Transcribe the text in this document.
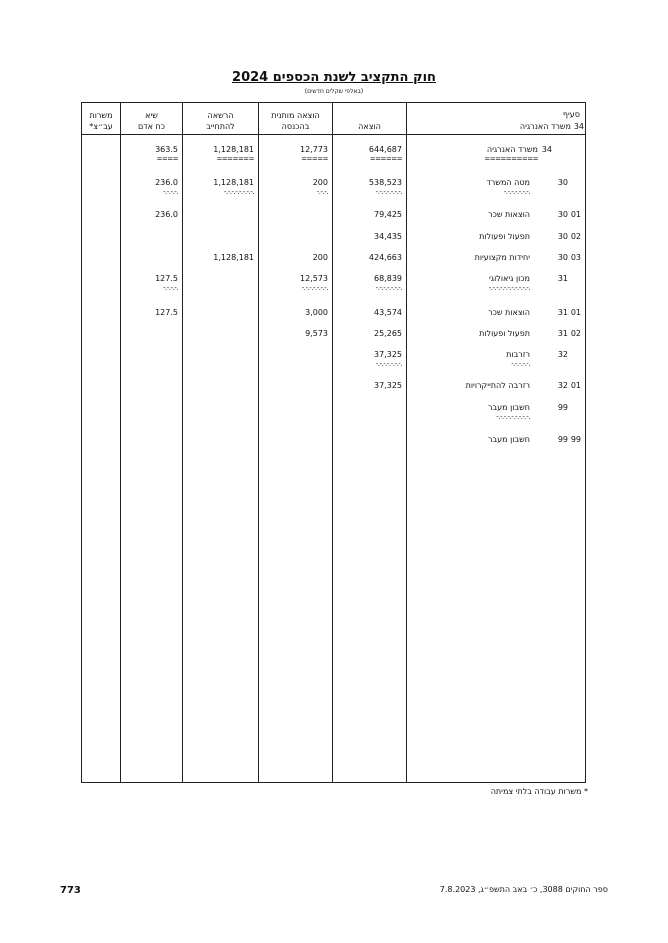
חוק התקציב לשנת הכספים 2024
(באלפי שקלים חדשים)
משרות
עב״צ*
שיא
כח אדם
הרשאה
להתחייב
הוצאה מותנית
בהכנסה	הוצאה
סעיף
34
משרד האנרגיה
34
משרד האנרגיה
644,687
12,773
1,128,181
363.5
==========
======
=====
=======
====
30
מטה המשרד
538,523
200
1,128,181
236.0
-.-.-.-.-.-.-.
-.-.-.-.-.-.-.
-.-.-.
-.-.-.-.-.-.-.-.
-.-.-.-.
30 01
הוצאות שכר
79,425
236.0
30 02
תפעול ופעולות
34,435
30 03
יחידות מקצועיות
424,663
200
1,128,181
31
מכון גיאולוגי
68,839
12,573
127.5
-.-.-.-.-.-.-.-.-.-.-.
-.-.-.-.-.-.-.
-.-.-.-.-.-.-.
-.-.-.-.
31 01
הוצאות שכר
43,574
3,000
127.5
31 02
תפעול ופעולות
25,265
9,573
32
רזרבות
37,325
-.-.-.-.-.
-.-.-.-.-.-.-.
32 01
רזרבה להתייקרויות
37,325
99
חשבון מעבר
-.-.-.-.-.-.-.-.-.
99 99
חשבון מעבר
* משרות עבודה בלתי צמיתה
773	ספר החוקים 3088, כ׳ באב התשפ״ג, 7.8.2023
